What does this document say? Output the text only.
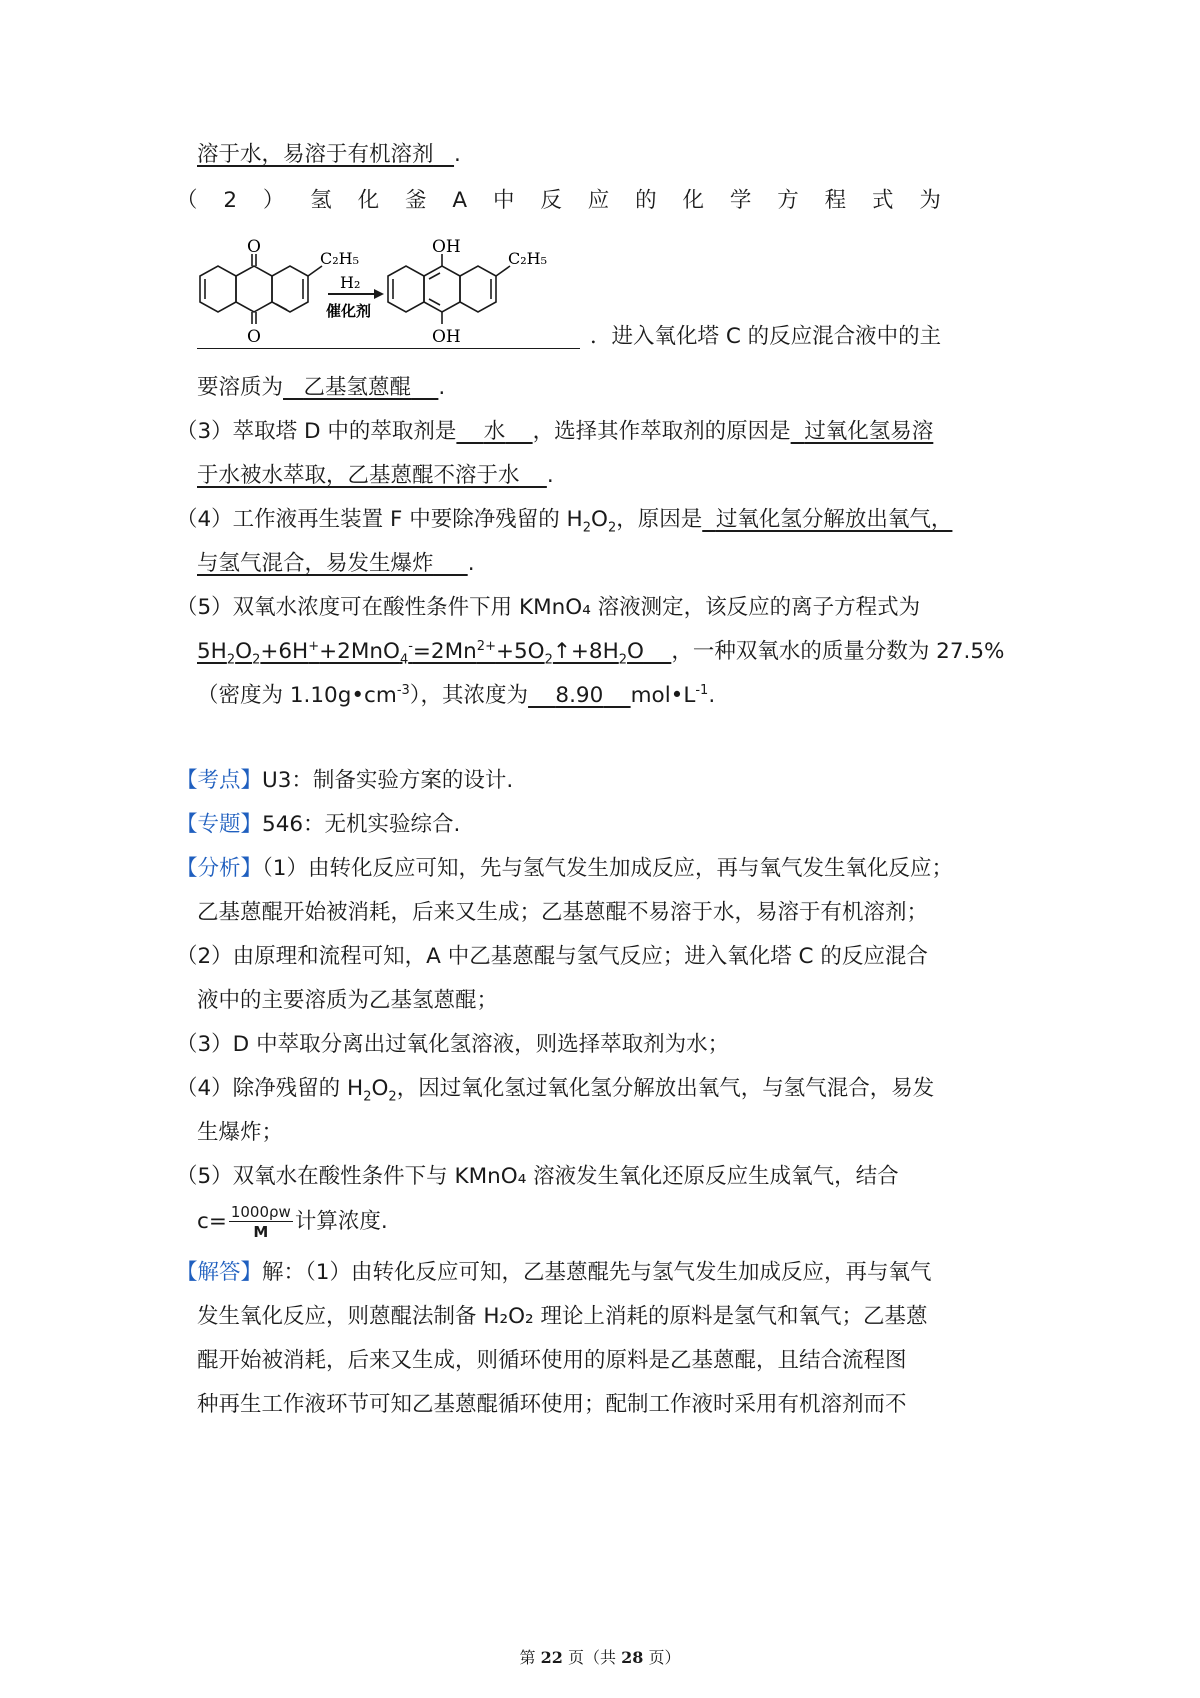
溶于水，易溶于有机溶剂 .
（ 2 ） 氢 化 釜 A 中 反 应 的 化 学 方 程 式 为
O
O
C₂H₅
H₂
催化剂
OH
OH
C₂H₅
．进入氧化塔 C 的反应混合液中的主
要溶质为 乙基氢蒽醌 .
（3）萃取塔 D 中的萃取剂是 水 ，选择其作萃取剂的原因是 过氧化氢易溶
于水被水萃取，乙基蒽醌不溶于水 .
（4）工作液再生装置 F 中要除净残留的 $H_2O_2$，原因是 过氧化氢分解放出氧气，
与氢气混合，易发生爆炸 .
（5）双氧水浓度可在酸性条件下用 KMnO₄ 溶液测定，该反应的离子方程式为
$5H_2O_2+6H^++2MnO_4^-=2Mn^{2+}+5O_2↑+8H_2O$ ，一种双氧水的质量分数为 27.5%
（密度为 $1.10g•cm^{-3}$），其浓度为 8.90 $mol•L^{-1}$.
【考点】U3：制备实验方案的设计.
【专题】546：无机实验综合.
【分析】（1）由转化反应可知，先与氢气发生加成反应，再与氧气发生氧化反应；
乙基蒽醌开始被消耗，后来又生成；乙基蒽醌不易溶于水，易溶于有机溶剂；
（2）由原理和流程可知，A 中乙基蒽醌与氢气反应；进入氧化塔 C 的反应混合
液中的主要溶质为乙基氢蒽醌；
（3）D 中萃取分离出过氧化氢溶液，则选择萃取剂为水；
（4）除净残留的 $H_2O_2$，因过氧化氢过氧化氢分解放出氧气，与氢气混合，易发
生爆炸；
（5）双氧水在酸性条件下与 KMnO₄ 溶液发生氧化还原反应生成氧气，结合
$c= \frac{1000\rho w}{M}$ 计算浓度.
【解答】解：（1）由转化反应可知，乙基蒽醌先与氢气发生加成反应，再与氧气
发生氧化反应，则蒽醌法制备 H₂O₂ 理论上消耗的原料是氢气和氧气；乙基蒽
醌开始被消耗，后来又生成，则循环使用的原料是乙基蒽醌，且结合流程图
种再生工作液环节可知乙基蒽醌循环使用；配制工作液时采用有机溶剂而不
第 22 页（共 28 页）
